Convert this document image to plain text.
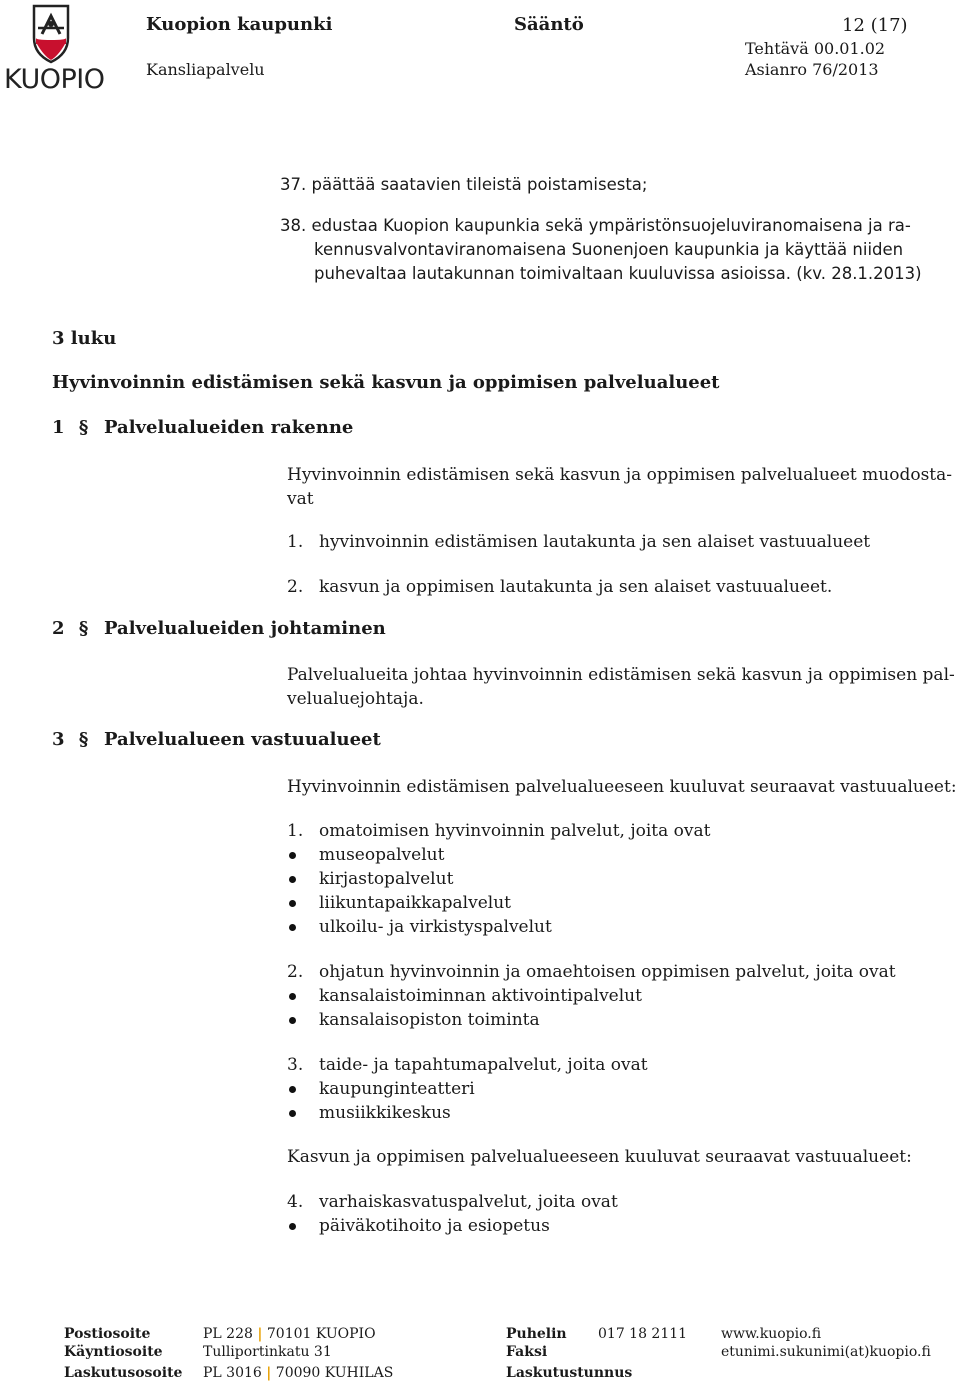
KUOPIO
Kuopion kaupunki
Kansliapalvelu
Sääntö	12 (17)
Tehtävä 00.01.02
Asianro 76/2013
37. päättää saatavien tileistä poistamisesta;
38. edustaa Kuopion kaupunkia sekä ympäristönsuojeluviranomaisena ja ra-
kennusvalvontaviranomaisena Suonenjoen kaupunkia ja käyttää niiden
puhevaltaa lautakunnan toimivaltaan kuuluvissa asioissa. (kv. 28.1.2013)
3 luku
Hyvinvoinnin edistämisen sekä kasvun ja oppimisen palvelualueet
1 § Palvelualueiden rakenne
Hyvinvoinnin edistämisen sekä kasvun ja oppimisen palvelualueet muodosta-
vat
1. hyvinvoinnin edistämisen lautakunta ja sen alaiset vastuualueet
2. kasvun ja oppimisen lautakunta ja sen alaiset vastuualueet.
2 § Palvelualueiden johtaminen
Palvelualueita johtaa hyvinvoinnin edistämisen sekä kasvun ja oppimisen pal-
velualuejohtaja.
3 § Palvelualueen vastuualueet
Hyvinvoinnin edistämisen palvelualueeseen kuuluvat seuraavat vastuualueet:
1. omatoimisen hyvinvoinnin palvelut, joita ovat
museopalvelut
kirjastopalvelut
liikuntapaikkapalvelut
ulkoilu- ja virkistyspalvelut
2. ohjatun hyvinvoinnin ja omaehtoisen oppimisen palvelut, joita ovat
kansalaistoiminnan aktivointipalvelut
kansalaisopiston toiminta
3. taide- ja tapahtumapalvelut, joita ovat
kaupunginteatteri
musiikkikeskus
Kasvun ja oppimisen palvelualueeseen kuuluvat seuraavat vastuualueet:
4. varhaiskasvatuspalvelut, joita ovat
päiväkotihoito ja esiopetus
Postiosoite
Käyntiosoite
Laskutusosoite
PL 228 | 70101 KUOPIO
Tulliportinkatu 31
PL 3016 | 70090 KUHILAS
Puhelin
Faksi
Laskutustunnus
017 18 2111 www.kuopio.fi
etunimi.sukunimi(at)kuopio.fi
